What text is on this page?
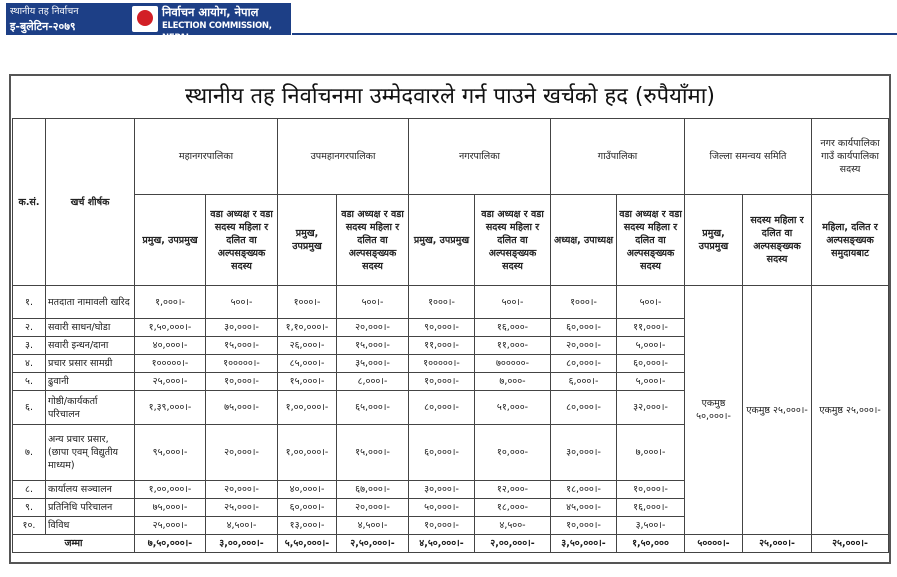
स्थानीय तह निर्वाचन
इ-बुलेटिन-२०७९
निर्वाचन आयोग, नेपाल
ELECTION COMMISSION, NEPAL
स्थानीय तह निर्वाचनमा उम्मेदवारले गर्न पाउने खर्चको हद (रुपैयाँमा)
क.सं.	खर्च शीर्षक	महानगरपालिका		उपमहानगरपालिका		नगरपालिका		गाउँपालिका		जिल्ला समन्वय समिति		नगर कार्यपालिका गाउँ कार्यपालिका सदस्य
		प्रमुख, उपप्रमुख	वडा अध्यक्ष र वडा सदस्य महिला र दलित वा अल्पसङ्ख्यक सदस्य	प्रमुख, उपप्रमुख	वडा अध्यक्ष र वडा सदस्य महिला र दलित वा अल्पसङ्ख्यक सदस्य	प्रमुख, उपप्रमुख	वडा अध्यक्ष र वडा सदस्य महिला र दलित वा अल्पसङ्ख्यक सदस्य	अध्यक्ष, उपाध्यक्ष	वडा अध्यक्ष र वडा सदस्य महिला र दलित वा अल्पसङ्ख्यक सदस्य	प्रमुख, उपप्रमुख	सदस्य महिला र दलित वा अल्पसङ्ख्यक सदस्य	महिला, दलित र अल्पसङ्ख्यक समुदायबाट
१.	मतदाता नामावली खरिद	१,०००।-	५००।-	१०००।-	५००।-	१०००।-	५००।-	१०००।-	५००।-	एकमुष्ठ ५०,०००।-	एकमुष्ठ २५,०००।-	एकमुष्ठ २५,०००।-
२.	सवारी साधन/घोडा	१,५०,०००।-	३०,०००।-	१,१०,०००।-	२०,०००।-	९०,०००।-	१६,०००-	६०,०००।-	११,०००।-			
३.	सवारी इन्धन/दाना	४०,०००।-	१५,०००।-	२६,०००।-	१५,०००।-	११,०००।-	११,०००-	२०,०००।-	५,०००।-			
४.	प्रचार प्रसार सामग्री	१०००००।-	१०००००।-	८५,०००।-	३५,०००।-	१०००००।-	७०००००-	८०,०००।-	६०,०००।-			
५.	ढुवानी	२५,०००।-	१०,०००।-	१५,०००।-	८,०००।-	१०,०००।-	७,०००-	६,०००।-	५,०००।-			
६.	गोष्ठी/कार्यकर्ता परिचालन	१,३९,०००।-	७५,०००।-	१,००,०००।-	६५,०००।-	८०,०००।-	५१,०००-	८०,०००।-	३२,०००।-			
७.	अन्य प्रचार प्रसार, (छापा एवम् विद्युतीय माध्यम)	९५,०००।-	२०,०००।-	१,००,०००।-	१५,०००।-	६०,०००।-	१०,०००-	३०,०००।-	७,०००।-			
८.	कार्यालय सञ्चालन	१,००,०००।-	२०,०००।-	४०,०००।-	६७,०००।-	३०,०००।-	१२,०००-	१८,०००।-	१०,०००।-			
९.	प्रतिनिधि परिचालन	७५,०००।-	२५,०००।-	६०,०००।-	२०,०००।-	५०,०००।-	१८,०००-	४५,०००।-	१६,०००।-			
१०.	विविध	२५,०००।-	४,५००।-	१३,०००।-	४,५००।-	१०,०००।-	४,५००-	१०,०००।-	३,५००।-			
जम्मा		७,५०,०००।-	३,००,०००।-	५,५०,०००।-	२,५०,०००।-	४,५०,०००।-	२,००,०००।-	३,५०,०००।-	१,५०,०००	५००००।-	२५,०००।-	२५,०००।-
